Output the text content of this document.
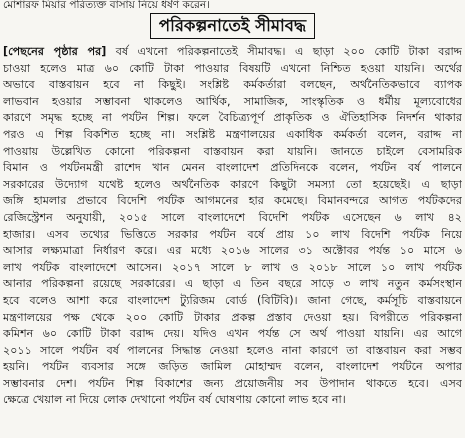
মোশারফ মিয়ার পরিত্যক্ত বাসায় নিয়ে ধর্ষণ করেন।
পরিকল্পনাতেই সীমাবদ্ধ
[পেছনের পৃষ্ঠার পর] বর্ষ এখনো পরিকল্পনাতেই সীমাবদ্ধ। এ ছাড়া ২০০ কোটি টাকা বরাদ্দ
চাওয়া হলেও মাত্র ৬০ কোটি টাকা পাওয়ার বিষয়টি এখনো নিশ্চিত হওয়া যায়নি। অর্থের
অভাবে বাস্তবায়ন হবে না কিছুই। সংশ্লিষ্ট কর্মকর্তারা বলছেন, অর্থনৈতিকভাবে ব্যাপক
লাভবান হওয়ার সম্ভাবনা থাকলেও আর্থিক, সামাজিক, সাংস্কৃতিক ও ধর্মীয় মূল্যবোধের
কারণে সমৃদ্ধ হচ্ছে না পর্যটন শিল্প। ফলে বৈচিত্র্যপূর্ণ প্রাকৃতিক ও ঐতিহাসিক নিদর্শন থাকার
পরও এ শিল্প বিকশিত হচ্ছে না। সংশ্লিষ্ট মন্ত্রণালয়ের একাধিক কর্মকর্তা বলেন, বরাদ্দ না
পাওয়ায় উল্লেখিত কোনো পরিকল্পনা বাস্তবায়ন করা যায়নি। জানতে চাইলে বেসামরিক
বিমান ও পর্যটনমন্ত্রী রাশেদ খান মেনন বাংলাদেশ প্রতিদিনকে বলেন, পর্যটন বর্ষ পালনে
সরকারের উদ্যোগ যথেষ্ট হলেও অর্থনৈতিক কারণে কিছুটা সমস্যা তো হয়েছেই। এ ছাড়া
জঙ্গি হামলার প্রভাবে বিদেশি পর্যটক আগমনের হার কমেছে। বিমানবন্দরে আগত পর্যটকদের
রেজিস্ট্রেশন অনুযায়ী, ২০১৫ সালে বাংলাদেশে বিদেশি পর্যটক এসেছেন ৬ লাখ ৪২
হাজার। এসব তথ্যের ভিত্তিতে সরকার পর্যটন বর্ষে প্রায় ১০ লাখ বিদেশি পর্যটক নিয়ে
আসার লক্ষ্যমাত্রা নির্ধারণ করে। এর মধ্যে ২০১৬ সালের ৩১ অক্টোবর পর্যন্ত ১০ মাসে ৬
লাখ পর্যটক বাংলাদেশে আসেন। ২০১৭ সালে ৮ লাখ ও ২০১৮ সালে ১০ লাখ পর্যটক
আনার পরিকল্পনা রয়েছে সরকারের। এ ছাড়া এ তিন বছরে সাড়ে ৩ লাখ নতুন কর্মসংস্থান
হবে বলেও আশা করে বাংলাদেশ ট্যুরিজম বোর্ড (বিটিবি)। জানা গেছে, কর্মসূচি বাস্তবায়নে
মন্ত্রণালয়ের পক্ষ থেকে ২০০ কোটি টাকার প্রকল্প প্রস্তাব দেওয়া হয়। বিপরীতে পরিকল্পনা
কমিশন ৬০ কোটি টাকা বরাদ্দ দেয়। যদিও এখন পর্যন্ত সে অর্থ পাওয়া যায়নি। এর আগে
২০১১ সালে পর্যটন বর্ষ পালনের সিদ্ধান্ত নেওয়া হলেও নানা কারণে তা বাস্তবায়ন করা সম্ভব
হয়নি। পর্যটন ব্যবসার সঙ্গে জড়িত জামিল মোহাম্মদ বলেন, বাংলাদেশ পর্যটনে অপার
সম্ভাবনার দেশ। পর্যটন শিল্প বিকাশের জন্য প্রয়োজনীয় সব উপাদান থাকতে হবে। এসব
ক্ষেত্রে খেয়াল না দিয়ে লোক দেখানো পর্যটন বর্ষ ঘোষণায় কোনো লাভ হবে না।
